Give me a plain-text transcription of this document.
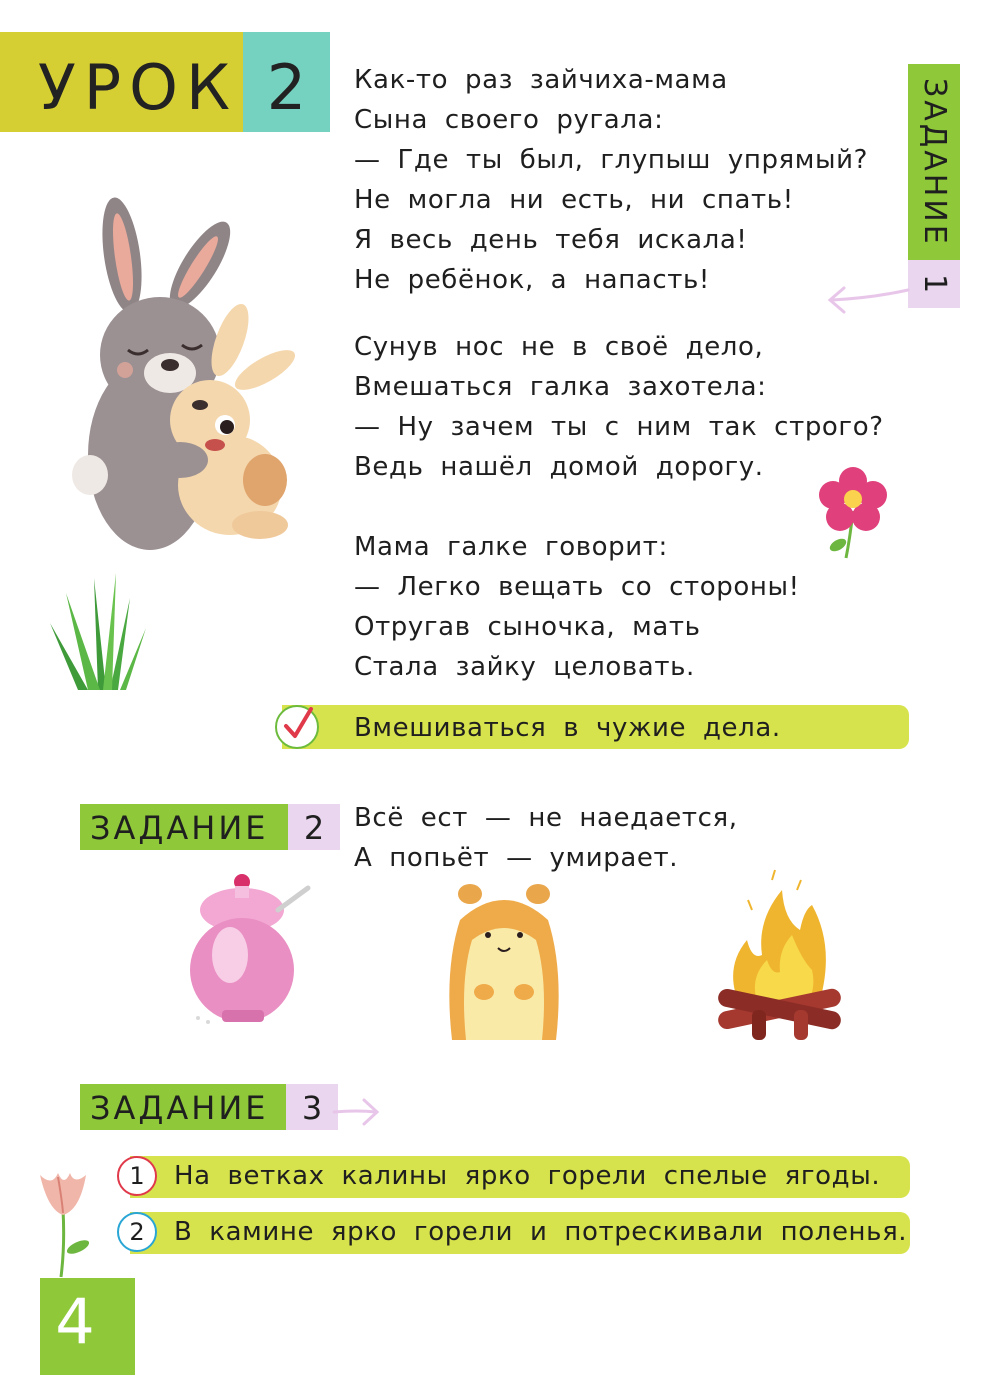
УРОК 2	Как-то раз зайчиха-мама
Сына своего ругала:
— Где ты был, глупыш упрямый?
Не могла ни есть, ни спать!
Я весь день тебя искала!
Не ребёнок, а напасть!
Сунув нос не в своё дело,
Вмешаться галка захотела:
— Ну зачем ты с ним так строго?
Ведь нашёл домой дорогу.
Мама галке говорит:
— Легко вещать со стороны!
Отругав сыночка, мать
Стала зайку целовать.
ЗАДАНИЕ
1
Вмешиваться в чужие дела.
ЗАДАНИЕ	2	Всё ест — не наедается,
А попьёт — умирает.
ЗАДАНИЕ	3
1	На ветках калины ярко горели спелые ягоды.
2	В камине ярко горели и потрескивали поленья.
4
